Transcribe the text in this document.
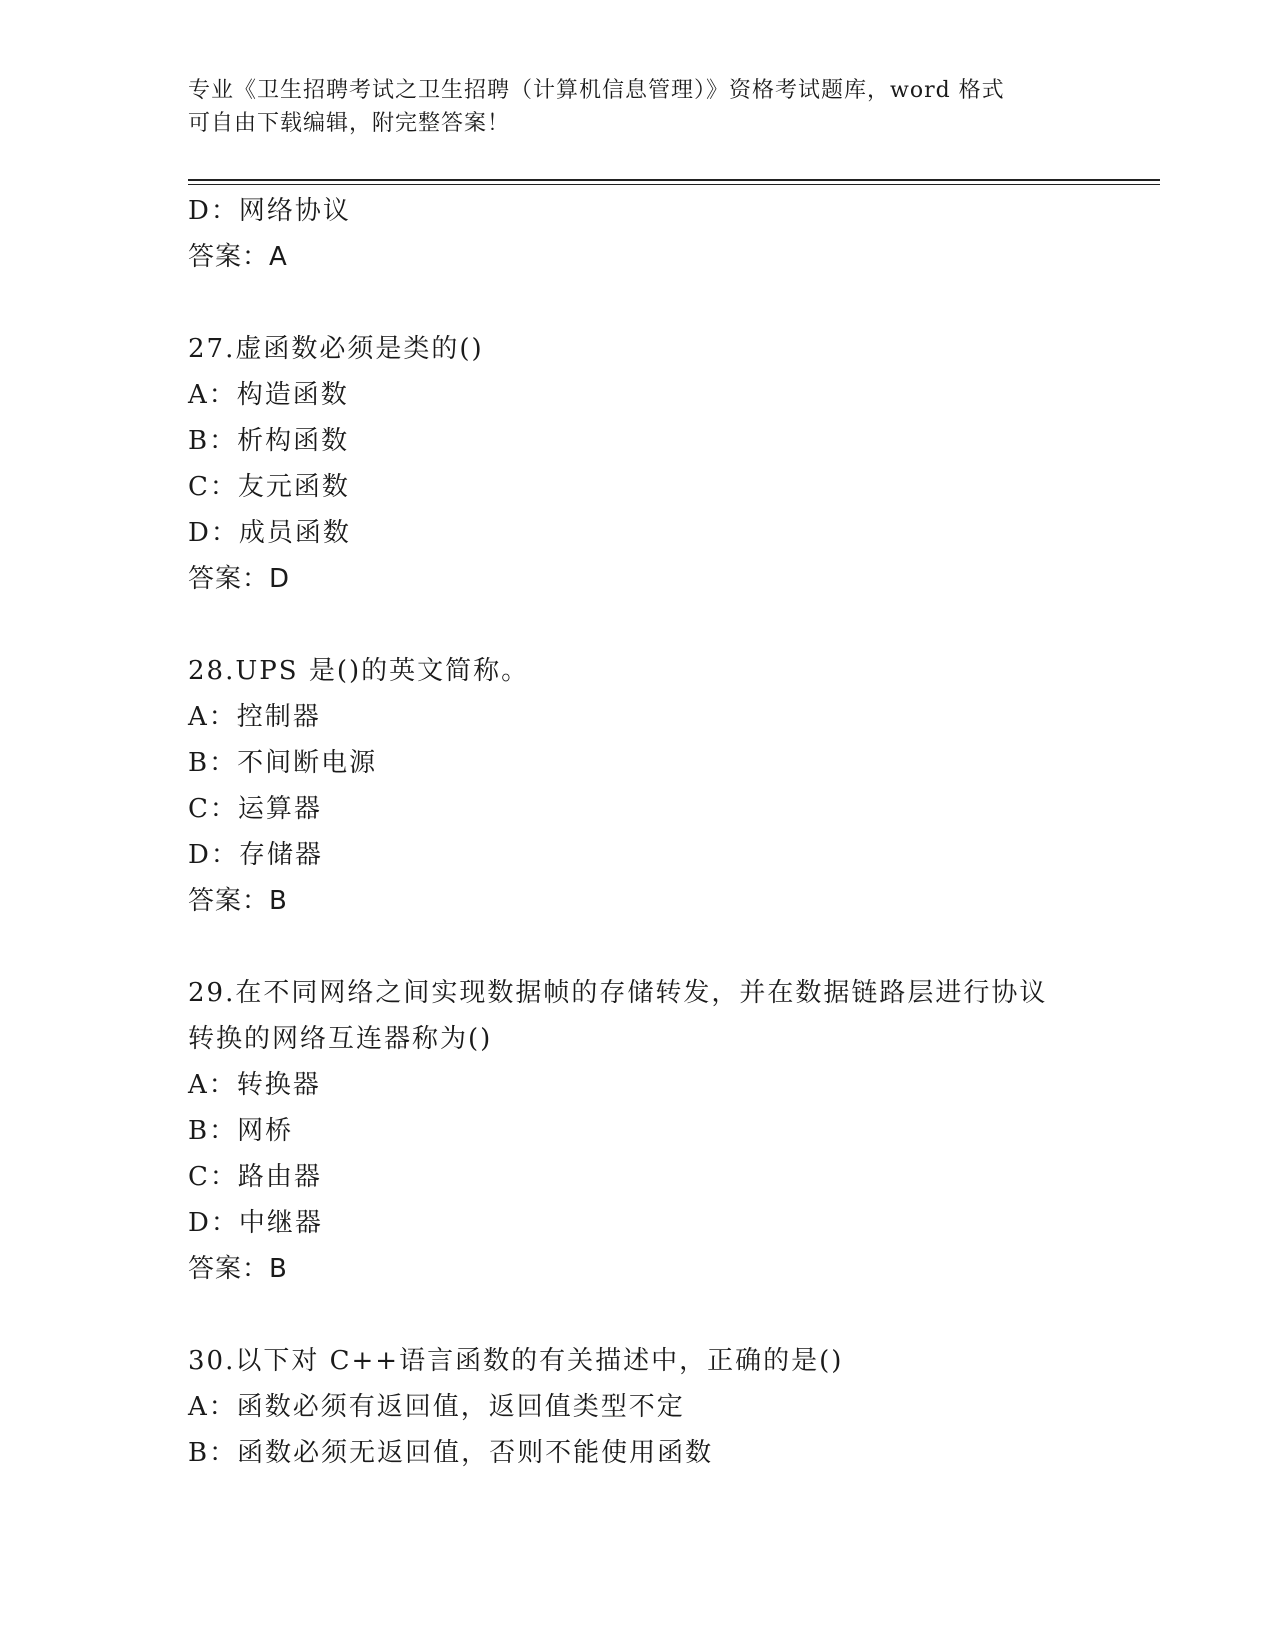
专业《卫生招聘考试之卫生招聘（计算机信息管理）》资格考试题库，word 格式
可自由下载编辑，附完整答案！
D：网络协议
答案：A
27.虚函数必须是类的()
A：构造函数
B：析构函数
C：友元函数
D：成员函数
答案：D
28.UPS 是()的英文简称。
A：控制器
B：不间断电源
C：运算器
D：存储器
答案：B
29.在不同网络之间实现数据帧的存储转发，并在数据链路层进行协议
转换的网络互连器称为()
A：转换器
B：网桥
C：路由器
D：中继器
答案：B
30.以下对 C++语言函数的有关描述中，正确的是()
A：函数必须有返回值，返回值类型不定
B：函数必须无返回值，否则不能使用函数
